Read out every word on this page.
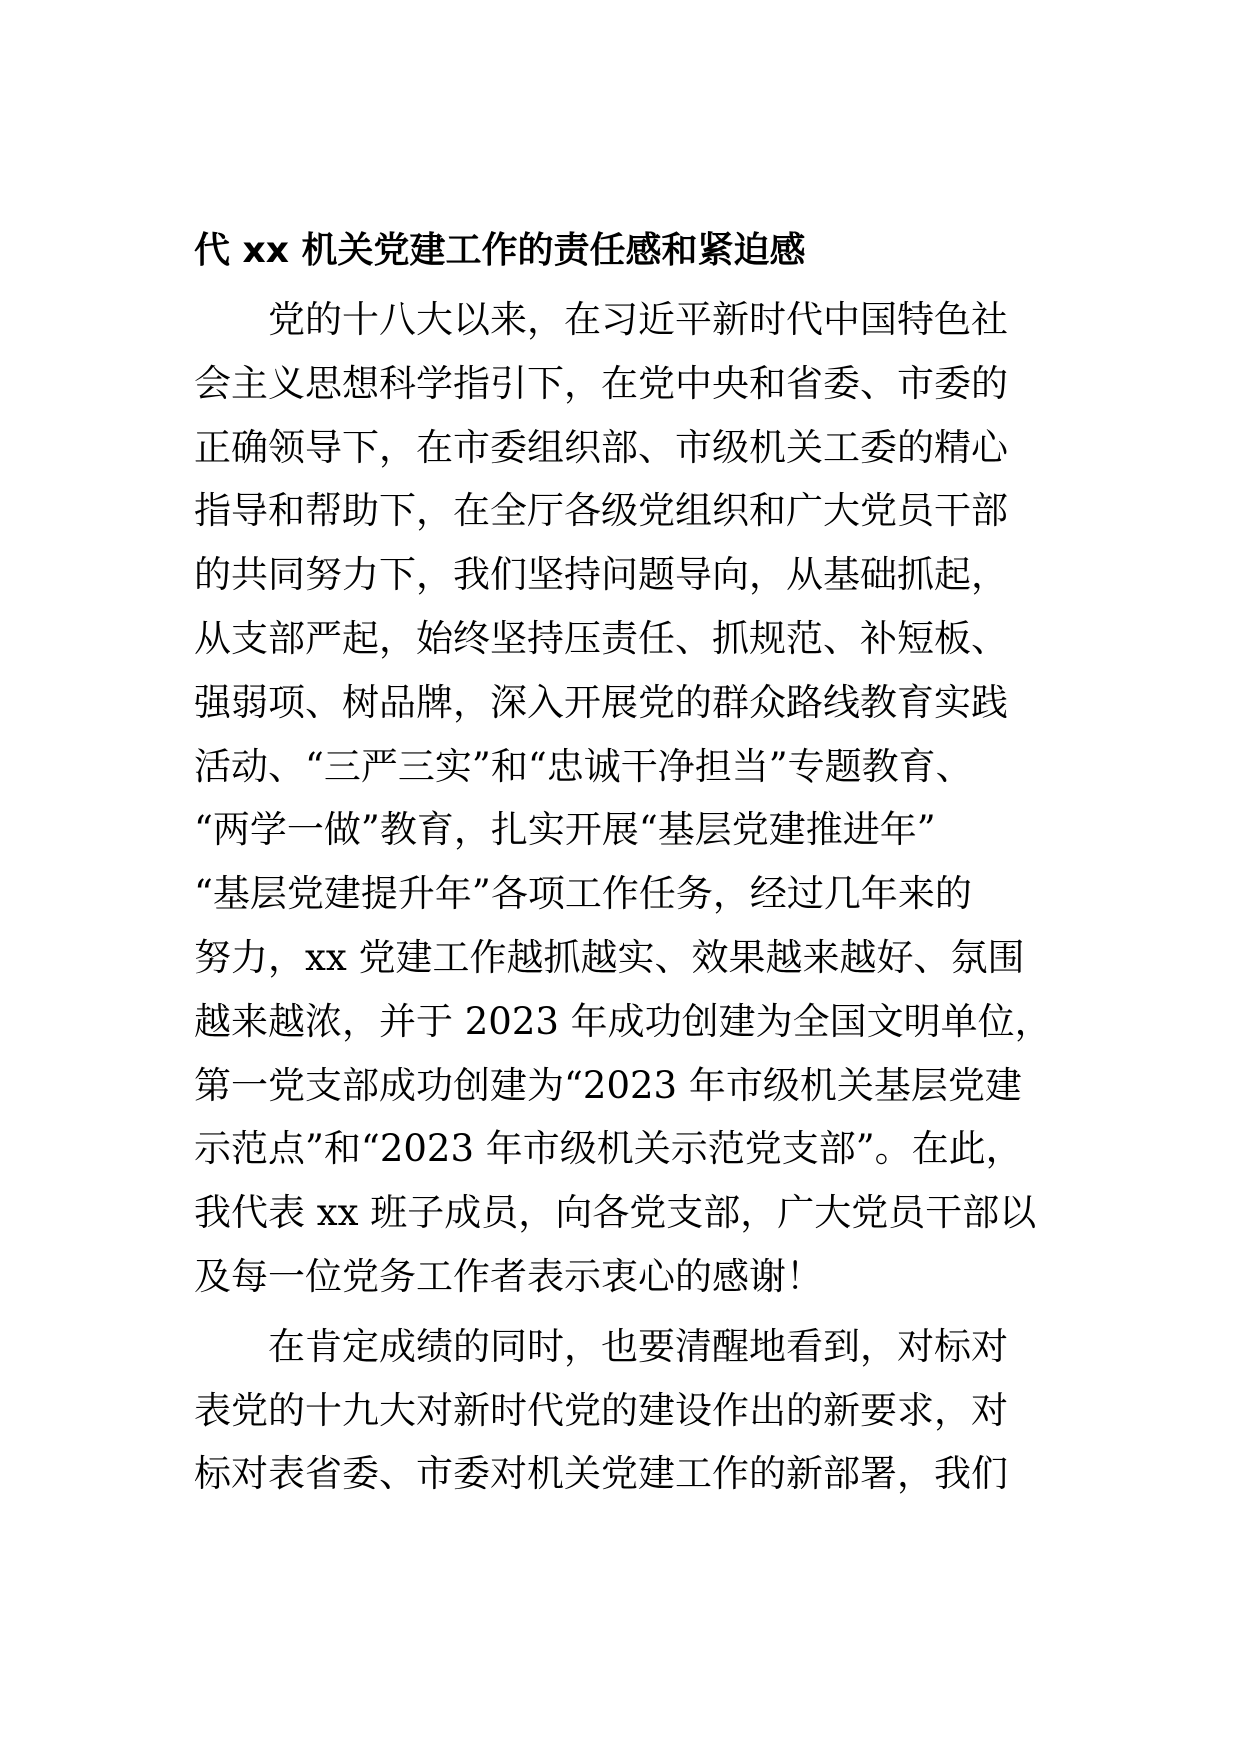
代 xx 机关党建工作的责任感和紧迫感

　　党的十八大以来，在习近平新时代中国特色社
会主义思想科学指引下，在党中央和省委、市委的
正确领导下，在市委组织部、市级机关工委的精心
指导和帮助下，在全厅各级党组织和广大党员干部
的共同努力下，我们坚持问题导向，从基础抓起，
从支部严起，始终坚持压责任、抓规范、补短板、
强弱项、树品牌，深入开展党的群众路线教育实践
活动、“三严三实”和“忠诚干净担当”专题教育、
“两学一做”教育，扎实开展“基层党建推进年”
“基层党建提升年”各项工作任务，经过几年来的
努力，xx 党建工作越抓越实、效果越来越好、氛围
越来越浓，并于 2023 年成功创建为全国文明单位，
第一党支部成功创建为“2023 年市级机关基层党建
示范点”和“2023 年市级机关示范党支部”。在此，
我代表 xx 班子成员，向各党支部，广大党员干部以
及每一位党务工作者表示衷心的感谢！

　　在肯定成绩的同时，也要清醒地看到，对标对
表党的十九大对新时代党的建设作出的新要求，对
标对表省委、市委对机关党建工作的新部署，我们
